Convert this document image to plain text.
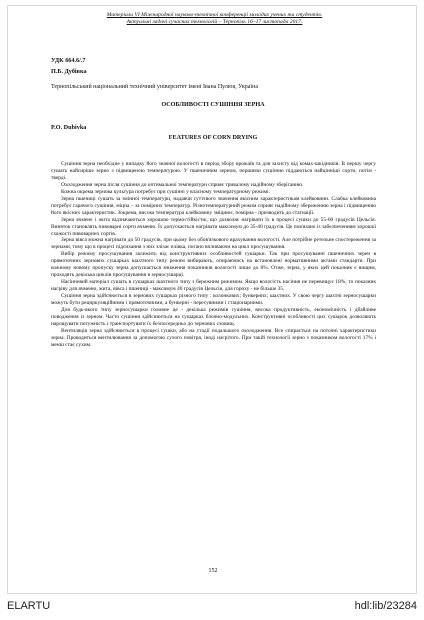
Матеріали VI Міжнародної науково-технічної конференції молодих учених та студентів.
Актуальні задачі сучасних технологій – Тернопіль 16–17 листопада 2017.
УДК 664.6/.7
П.Б. Дубівка
Тернопільський національний технічний університет імені Івана Пулюя, Україна
ОСОБЛИВОСТІ СУШІННЯ ЗЕРНА
P.O. Dubivka
FEATURES OF CORN DRYING

Сушіння зерна необхідне у випадку його значної вологості в період збору врожаїв та для захисту від комах-шкідників. В першу чергу сушать найсиріше зерно з підвищеною температурою. У пшеничним зерном, першими сушінню піддаються найцінніші сорти, потім - тверді.

Охолодження зерна після сушіння до оптимальної температури сприяє тривалому надійному зберіганню.

Кожна окрема зернова культура потребує при сушінні у власному температурному режимі.

Зерна пшениці сушать за змінної температури, надавчи суттєвого значення якісним характеристикам клейковини. Слабка клейковина потребує гарячого сушіння, міцна – за помірних температур. Різнотемпературний режим сприяє надійному збереженню зерна і підвищенню його якісних характеристик. Зокрема, висока температура клейковину зміцнює, помірна - призводить до стагнації.

Зерна ячмене і жита відзначаються хорошою термостійкістю, що дозволяє нагрівати їх в процесі сушки до 55-60 градусів Цельсія. Виняток становлять пивоварні сорти ячменю. Їх допускається нагрівати максимум до 35-40 градусів. Це пов'язано із забезпеченням хорошої схожості пивоварних сортів.

Зерна вівса можна нагрівати до 50 градусів, при цьому без обов'язкового врахування вологості. Але потрібне ретельне спостереження за зернами, тому що в процесі підсихання з них злізає плівка, погано впливаючи на цикл просушування.

Вибір режиму просушування залежить від конструктивних особливостей сушарки. Так при просушуванні пшеничних зерен в прямоточних зернових сушарках шахтного типу режим вибирають, опираючись на встановлені нормативними актами стандарти. При кожному новому пропуску зерна допускається зниження показників вологості лише до 8%. Отже, зерна, у яких цей показник є вищим, проходять декілька циклів просушування в зерносушарці.

Насінневий матеріал сушать в сушарках шахтного типу з бережним режимом. Якщо вологість насіння не перевищує 18%, то показник нагріву для ячменю, жита, вівса і пшениці - максимум 40 градусів Цельсія, для гороху - не більше 35.

Сушіння зерна здійснюється в зернових сушарках різного типу : колонкових; бункерних; шахтних. У свою чергу шахтні зерносушарки можуть бути рециркуляційними і прямоточними, а бункерні - пересувними і стаціонарними.

Для будь-якого типу зерносушарки головне це - декілька режимів сушіння, висока продуктивність, економічність і дбайливе поводження із зерном. Часто сушіння здійснюється на сушарках блочно-модульних. Конструктивні особливості цих сушарок дозволяють нарощувати потужність і транспортувати їх безпосередньо до зернових сховищ.

Вентиляція зерна здійснюється в процесі сушки, або на стадії подальшого охолодження. Все спирається на поточні характеристики зерна. Проводиться вентилювання за допомогою сухого повітря, іноді нагрітого. При такій технології зерно з показником вологості 17% і менш стає сухим.

152
ELARTU	hdl:lib/23284
